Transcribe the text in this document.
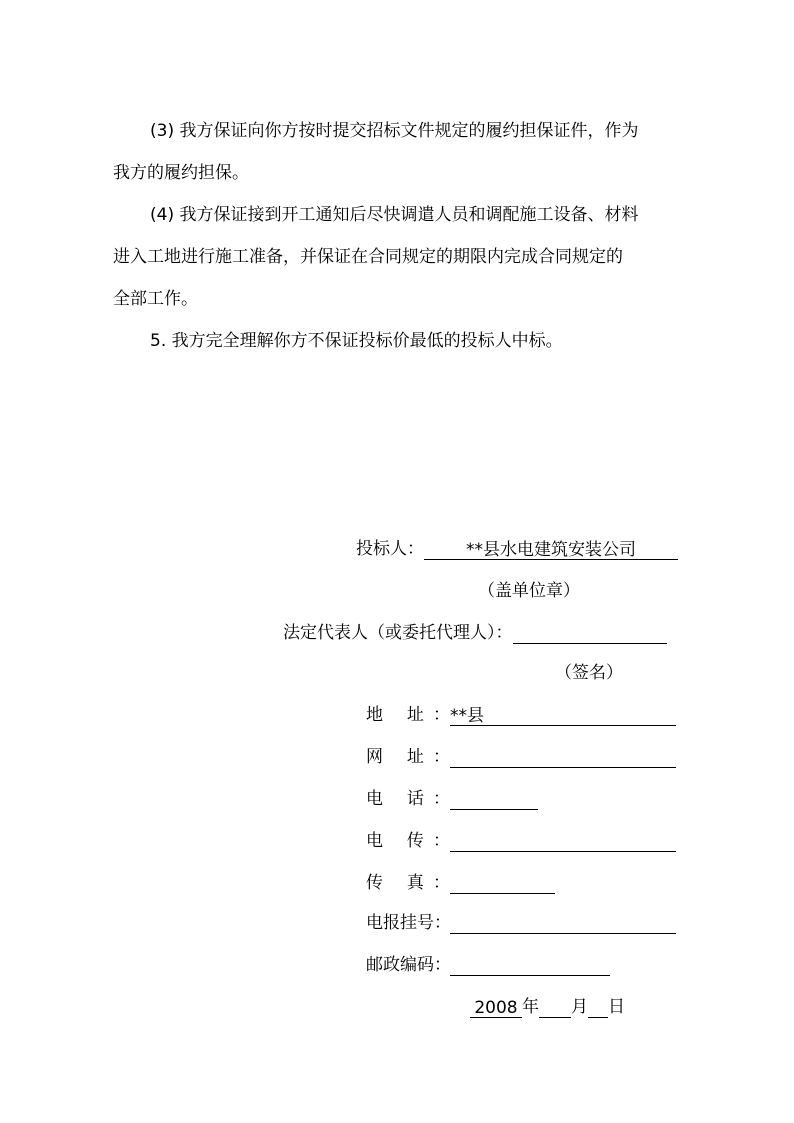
(3) 我方保证向你方按时提交招标文件规定的履约担保证件，作为
我方的履约担保。
(4) 我方保证接到开工通知后尽快调遣人员和调配施工设备、材料
进入工地进行施工准备，并保证在合同规定的期限内完成合同规定的
全部工作。
5. 我方完全理解你方不保证投标价最低的投标人中标。
投标人： **县水电建筑安装公司
（盖单位章）
法定代表人（或委托代理人）：
（签名）
地 址：**县
网 址：
电 话：
电 传：
传 真：
电报挂号：
邮政编码：
2008 年 月 日
